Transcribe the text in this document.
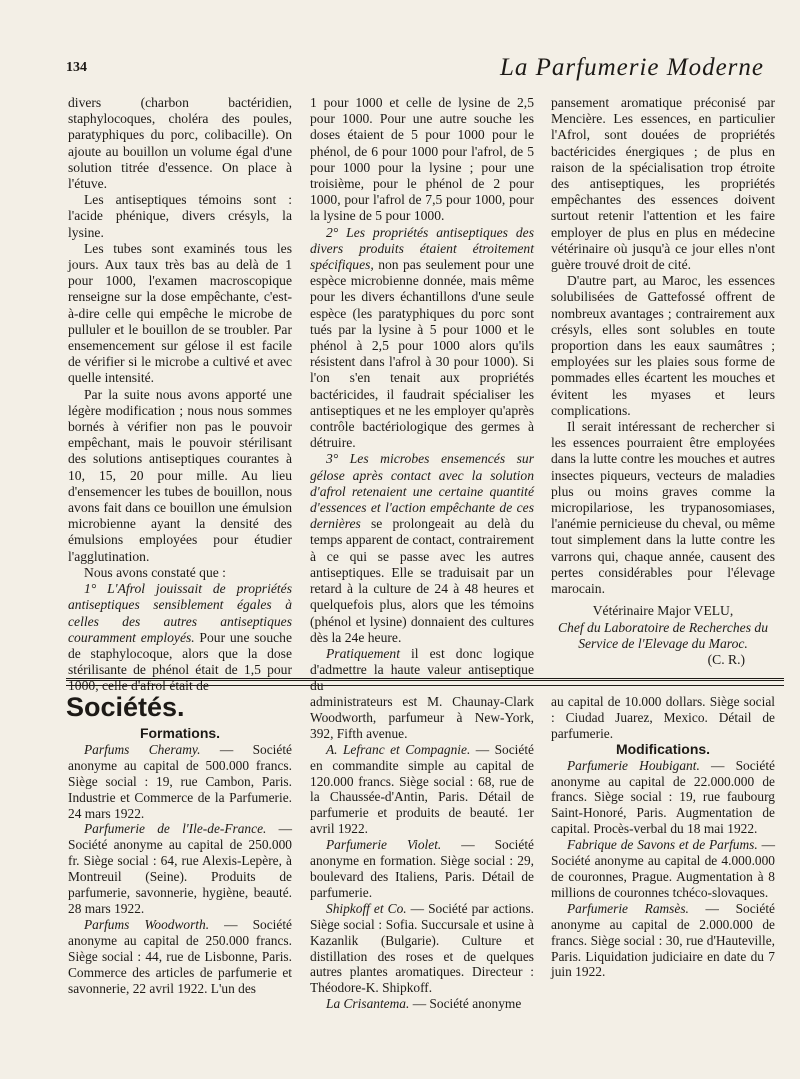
134	La Parfumerie Moderne

divers (charbon bactéridien, staphylocoques, choléra des poules, paratyphiques du porc, colibacille). On ajoute au bouillon un volume égal d'une solution titrée d'essence. On place à l'étuve.

Les antiseptiques témoins sont : l'acide phénique, divers crésyls, la lysine.

Les tubes sont examinés tous les jours. Aux taux très bas au delà de 1 pour 1000, l'examen macroscopique renseigne sur la dose empêchante, c'est-à-dire celle qui empêche le microbe de pulluler et le bouillon de se troubler. Par ensemencement sur gélose il est facile de vérifier si le microbe a cultivé et avec quelle intensité.

Par la suite nous avons apporté une légère modification ; nous nous sommes bornés à vérifier non pas le pouvoir empêchant, mais le pouvoir stérilisant des solutions antiseptiques courantes à 10, 15, 20 pour mille. Au lieu d'ensemencer les tubes de bouillon, nous avons fait dans ce bouillon une émulsion microbienne ayant la densité des émulsions employées pour étudier l'agglutination.

Nous avons constaté que :

1° L'Afrol jouissait de propriétés antiseptiques sensiblement égales à celles des autres antiseptiques couramment employés. Pour une souche de staphylocoque, alors que la dose stérilisante de phénol était de 1,5 pour 1000, celle d'afrol était de

1 pour 1000 et celle de lysine de 2,5 pour 1000. Pour une autre souche les doses étaient de 5 pour 1000 pour le phénol, de 6 pour 1000 pour l'afrol, de 5 pour 1000 pour la lysine ; pour une troisième, pour le phénol de 2 pour 1000, pour l'afrol de 7,5 pour 1000, pour la lysine de 5 pour 1000.

2° Les propriétés antiseptiques des divers produits étaient étroitement spécifiques, non pas seulement pour une espèce microbienne donnée, mais même pour les divers échantillons d'une seule espèce (les paratyphiques du porc sont tués par la lysine à 5 pour 1000 et le phénol à 2,5 pour 1000 alors qu'ils résistent dans l'afrol à 30 pour 1000). Si l'on s'en tenait aux propriétés bactéricides, il faudrait spécialiser les antiseptiques et ne les employer qu'après contrôle bactériologique des germes à détruire.

3° Les microbes ensemencés sur gélose après contact avec la solution d'afrol retenaient une certaine quantité d'essences et l'action empêchante de ces dernières se prolongeait au delà du temps apparent de contact, contrairement à ce qui se passe avec les autres antiseptiques. Elle se traduisait par un retard à la culture de 24 à 48 heures et quelquefois plus, alors que les témoins (phénol et lysine) donnaient des cultures dès la 24e heure.

Pratiquement il est donc logique d'admettre la haute valeur antiseptique du

pansement aromatique préconisé par Mencière. Les essences, en particulier l'Afrol, sont douées de propriétés bactéricides énergiques ; de plus en raison de la spécialisation trop étroite des antiseptiques, les propriétés empêchantes des essences doivent surtout retenir l'attention et les faire employer de plus en plus en médecine vétérinaire où jusqu'à ce jour elles n'ont guère trouvé droit de cité.

D'autre part, au Maroc, les essences solubilisées de Gattefossé offrent de nombreux avantages ; contrairement aux crésyls, elles sont solubles en toute proportion dans les eaux saumâtres ; employées sur les plaies sous forme de pommades elles écartent les mouches et évitent les myases et leurs complications.

Il serait intéressant de rechercher si les essences pourraient être employées dans la lutte contre les mouches et autres insectes piqueurs, vecteurs de maladies plus ou moins graves comme la micropilariose, les trypanosomiases, l'anémie pernicieuse du cheval, ou même tout simplement dans la lutte contre les varrons qui, chaque année, causent des pertes considérables pour l'élevage marocain.

Vétérinaire Major VELU,

Chef du Laboratoire de Recherches du Service de l'Elevage du Maroc.

(C. R.)

Sociétés.

Formations.

Parfums Cheramy. — Société anonyme au capital de 500.000 francs. Siège social : 19, rue Cambon, Paris. Industrie et Commerce de la Parfumerie. 24 mars 1922.

Parfumerie de l'Ile-de-France. — Société anonyme au capital de 250.000 fr. Siège social : 64, rue Alexis-Lepère, à Montreuil (Seine). Produits de parfumerie, savonnerie, hygiène, beauté. 28 mars 1922.

Parfums Woodworth. — Société anonyme au capital de 250.000 francs. Siège social : 44, rue de Lisbonne, Paris. Commerce des articles de parfumerie et savonnerie, 22 avril 1922. L'un des

administrateurs est M. Chaunay-Clark Woodworth, parfumeur à New-York, 392, Fifth avenue.

A. Lefranc et Compagnie. — Société en commandite simple au capital de 120.000 francs. Siège social : 68, rue de la Chaussée-d'Antin, Paris. Détail de parfumerie et produits de beauté. 1er avril 1922.

Parfumerie Violet. — Société anonyme en formation. Siège social : 29, boulevard des Italiens, Paris. Détail de parfumerie.

Shipkoff et Co. — Société par actions. Siège social : Sofia. Succursale et usine à Kazanlik (Bulgarie). Culture et distillation des roses et de quelques autres plantes aromatiques. Directeur : Théodore-K. Shipkoff.

La Crisantema. — Société anonyme

au capital de 10.000 dollars. Siège social : Ciudad Juarez, Mexico. Détail de parfumerie.

Modifications.

Parfumerie Houbigant. — Société anonyme au capital de 22.000.000 de francs. Siège social : 19, rue faubourg Saint-Honoré, Paris. Augmentation de capital. Procès-verbal du 18 mai 1922.

Fabrique de Savons et de Parfums. — Société anonyme au capital de 4.000.000 de couronnes, Prague. Augmentation à 8 millions de couronnes tchéco-slovaques.

Parfumerie Ramsès. — Société anonyme au capital de 2.000.000 de francs. Siège social : 30, rue d'Hauteville, Paris. Liquidation judiciaire en date du 7 juin 1922.
